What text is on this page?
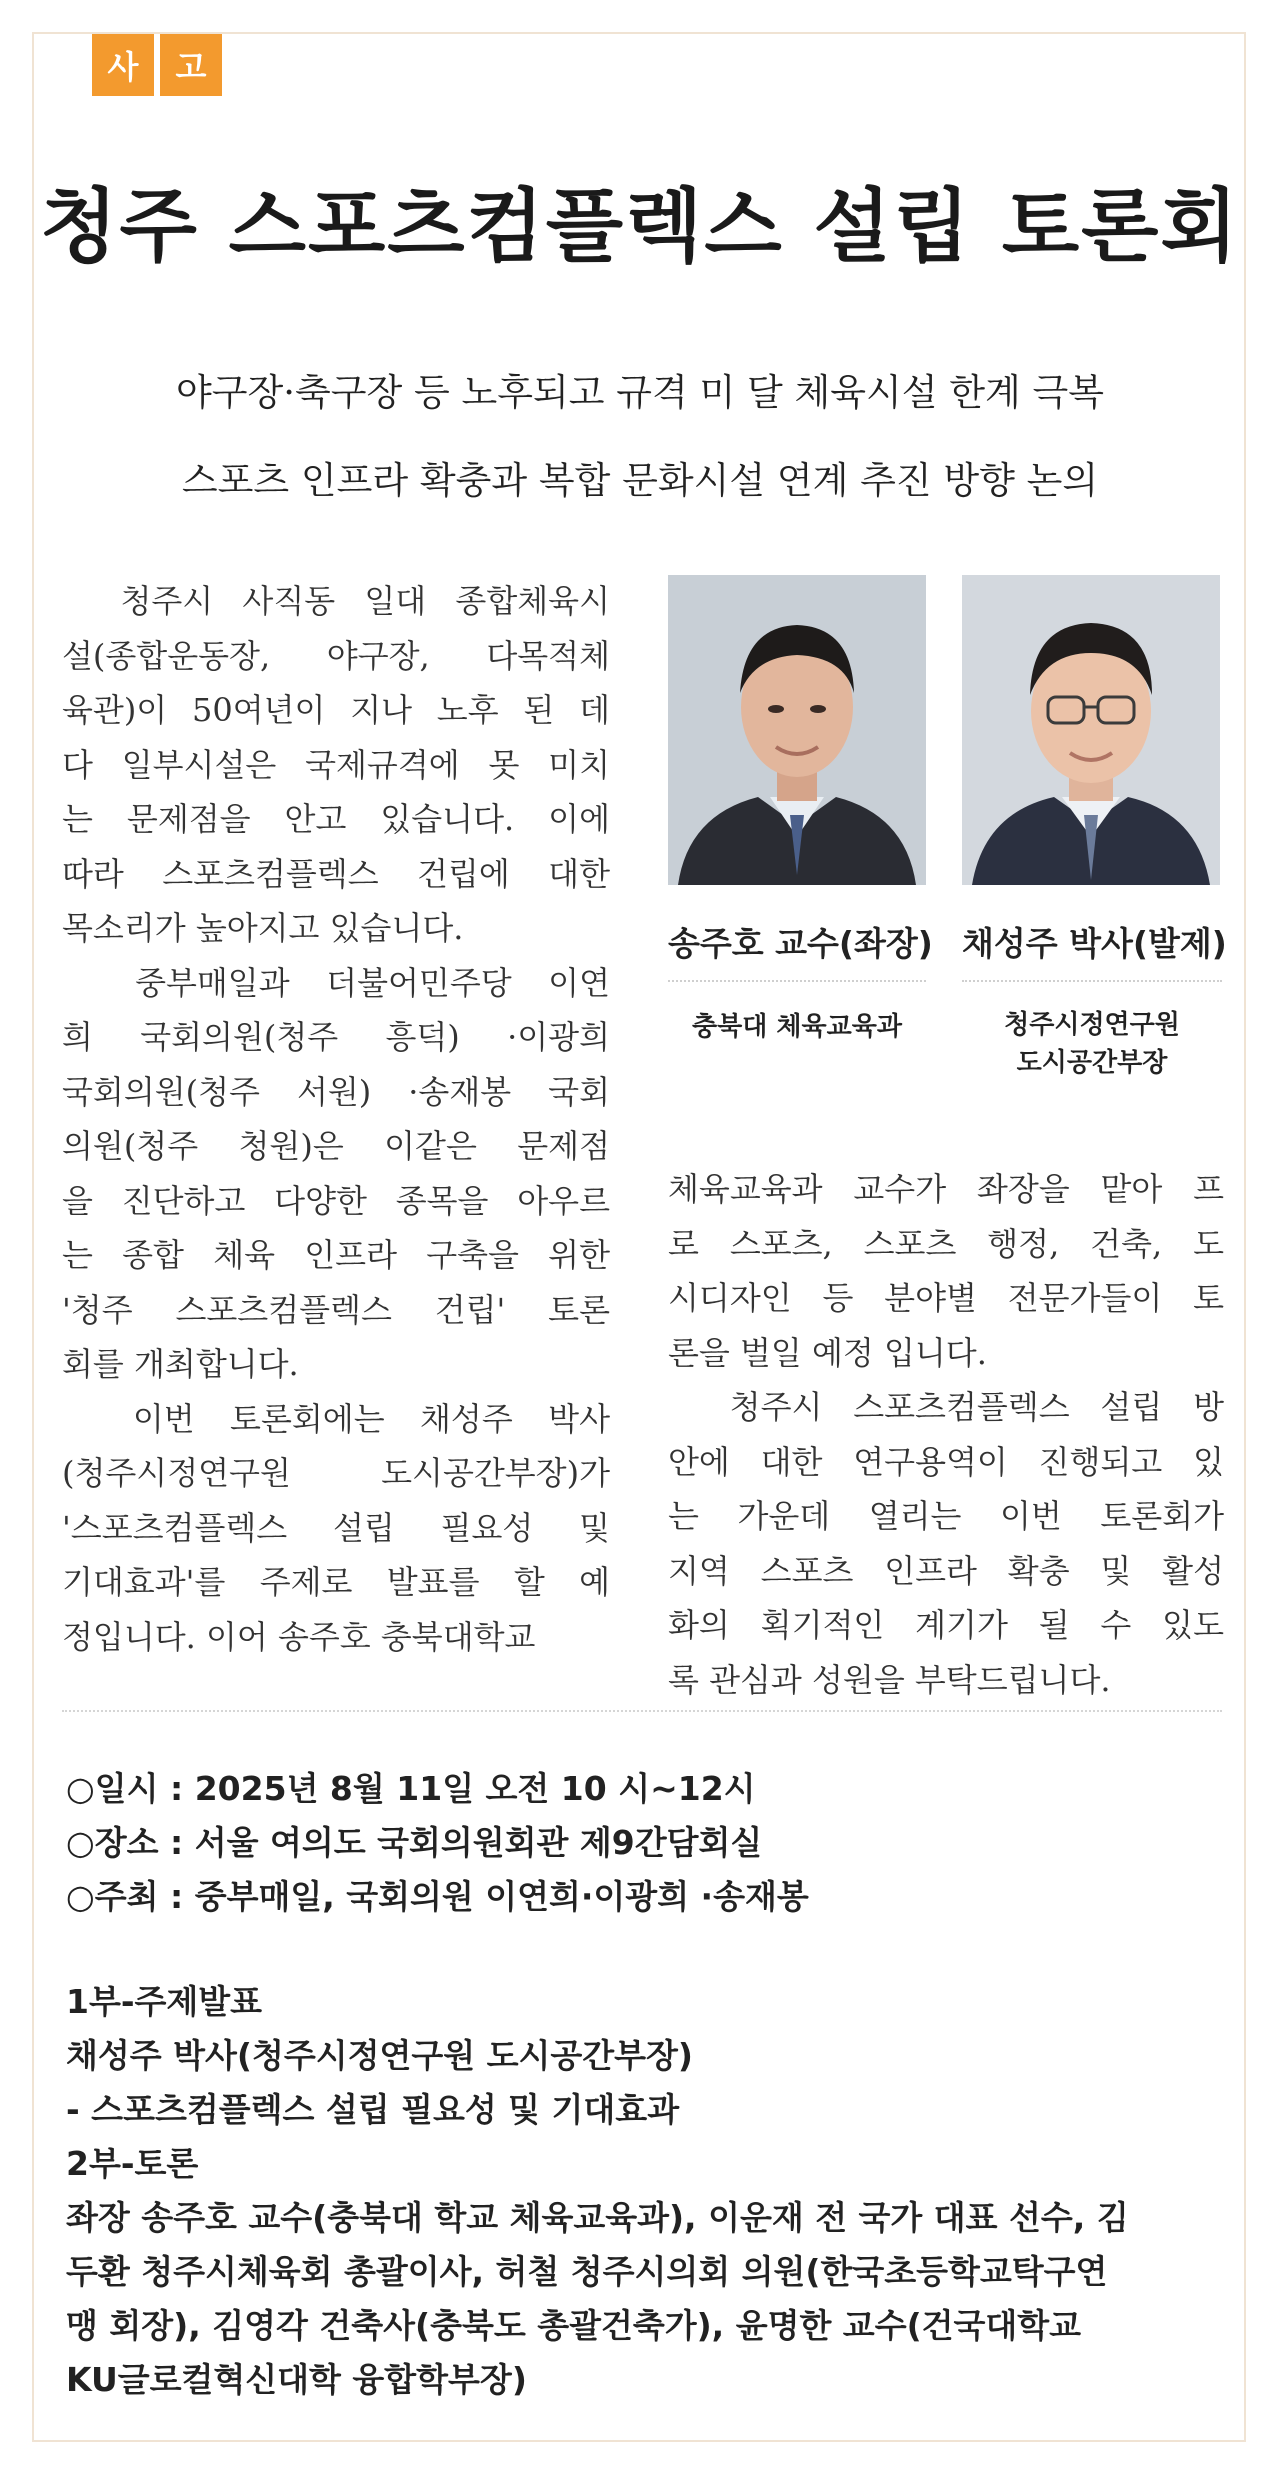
사	고
청주 스포츠컴플렉스 설립 토론회
야구장·축구장 등 노후되고 규격 미 달 체육시설 한계 극복
스포츠 인프라 확충과 복합 문화시설 연계 추진 방향 논의
청주시 사직동 일대 종합체육시
설(종합운동장, 야구장, 다목적체
육관)이 50여년이 지나 노후 된 데
다 일부시설은 국제규격에 못 미치
는 문제점을 안고 있습니다. 이에
따라 스포츠컴플렉스 건립에 대한
목소리가 높아지고 있습니다.
중부매일과 더불어민주당 이연
희 국회의원(청주 흥덕) ·이광희
국회의원(청주 서원) ·송재봉 국회
의원(청주 청원)은 이같은 문제점
을 진단하고 다양한 종목을 아우르
는 종합 체육 인프라 구축을 위한
'청주 스포츠컴플렉스 건립' 토론
회를 개최합니다.
이번 토론회에는 채성주 박사
(청주시정연구원 도시공간부장)가
'스포츠컴플렉스 설립 필요성 및
기대효과'를 주제로 발표를 할 예
정입니다. 이어 송주호 충북대학교
송주호 교수(좌장) 채성주 박사(발제)
충북대 체육교육과	청주시정연구원
도시공간부장
체육교육과 교수가 좌장을 맡아 프
로 스포츠, 스포츠 행정, 건축, 도
시디자인 등 분야별 전문가들이 토
론을 벌일 예정 입니다.
청주시 스포츠컴플렉스 설립 방
안에 대한 연구용역이 진행되고 있
는 가운데 열리는 이번 토론회가
지역 스포츠 인프라 확충 및 활성
화의 획기적인 계기가 될 수 있도
록 관심과 성원을 부탁드립니다.
○일시 : 2025년 8월 11일 오전 10 시~12시
○장소 : 서울 여의도 국회의원회관 제9간담회실
○주최 : 중부매일, 국회의원 이연희·이광희 ·송재봉
1부-주제발표
채성주 박사(청주시정연구원 도시공간부장)
- 스포츠컴플렉스 설립 필요성 및 기대효과
2부-토론
좌장 송주호 교수(충북대 학교 체육교육과), 이운재 전 국가 대표 선수, 김
두환 청주시체육회 총괄이사, 허철 청주시의회 의원(한국초등학교탁구연
맹 회장), 김영각 건축사(충북도 총괄건축가), 윤명한 교수(건국대학교
KU글로컬혁신대학 융합학부장)
